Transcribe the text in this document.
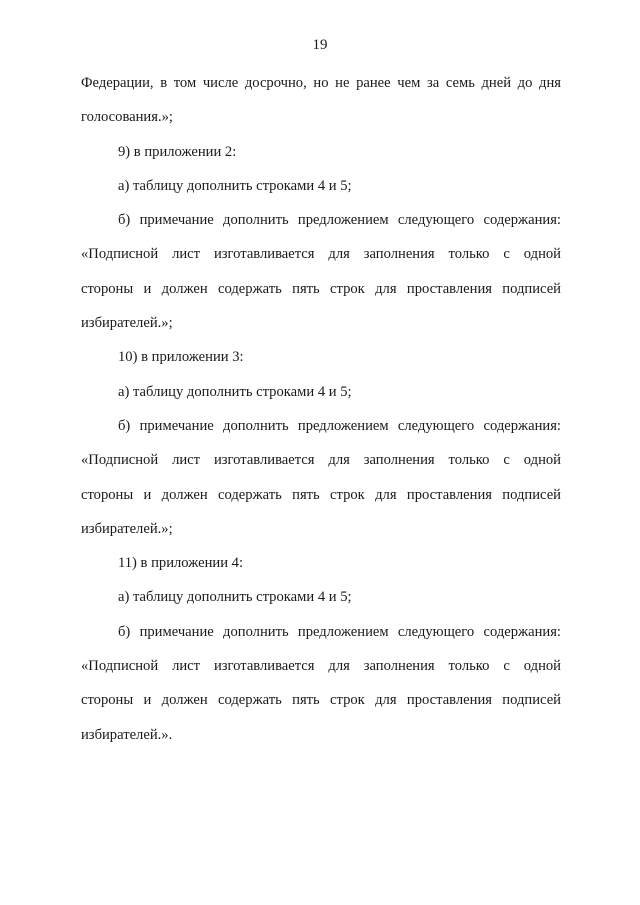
19
Федерации, в том числе досрочно, но не ранее чем за семь дней до дня
голосования.»;
9) в приложении 2:
а) таблицу дополнить строками 4 и 5;
б) примечание дополнить предложением следующего содержания:
«Подписной лист изготавливается для заполнения только с одной
стороны и должен содержать пять строк для проставления подписей
избирателей.»;
10) в приложении 3:
а) таблицу дополнить строками 4 и 5;
б) примечание дополнить предложением следующего содержания:
«Подписной лист изготавливается для заполнения только с одной
стороны и должен содержать пять строк для проставления подписей
избирателей.»;
11) в приложении 4:
а) таблицу дополнить строками 4 и 5;
б) примечание дополнить предложением следующего содержания:
«Подписной лист изготавливается для заполнения только с одной
стороны и должен содержать пять строк для проставления подписей
избирателей.».
